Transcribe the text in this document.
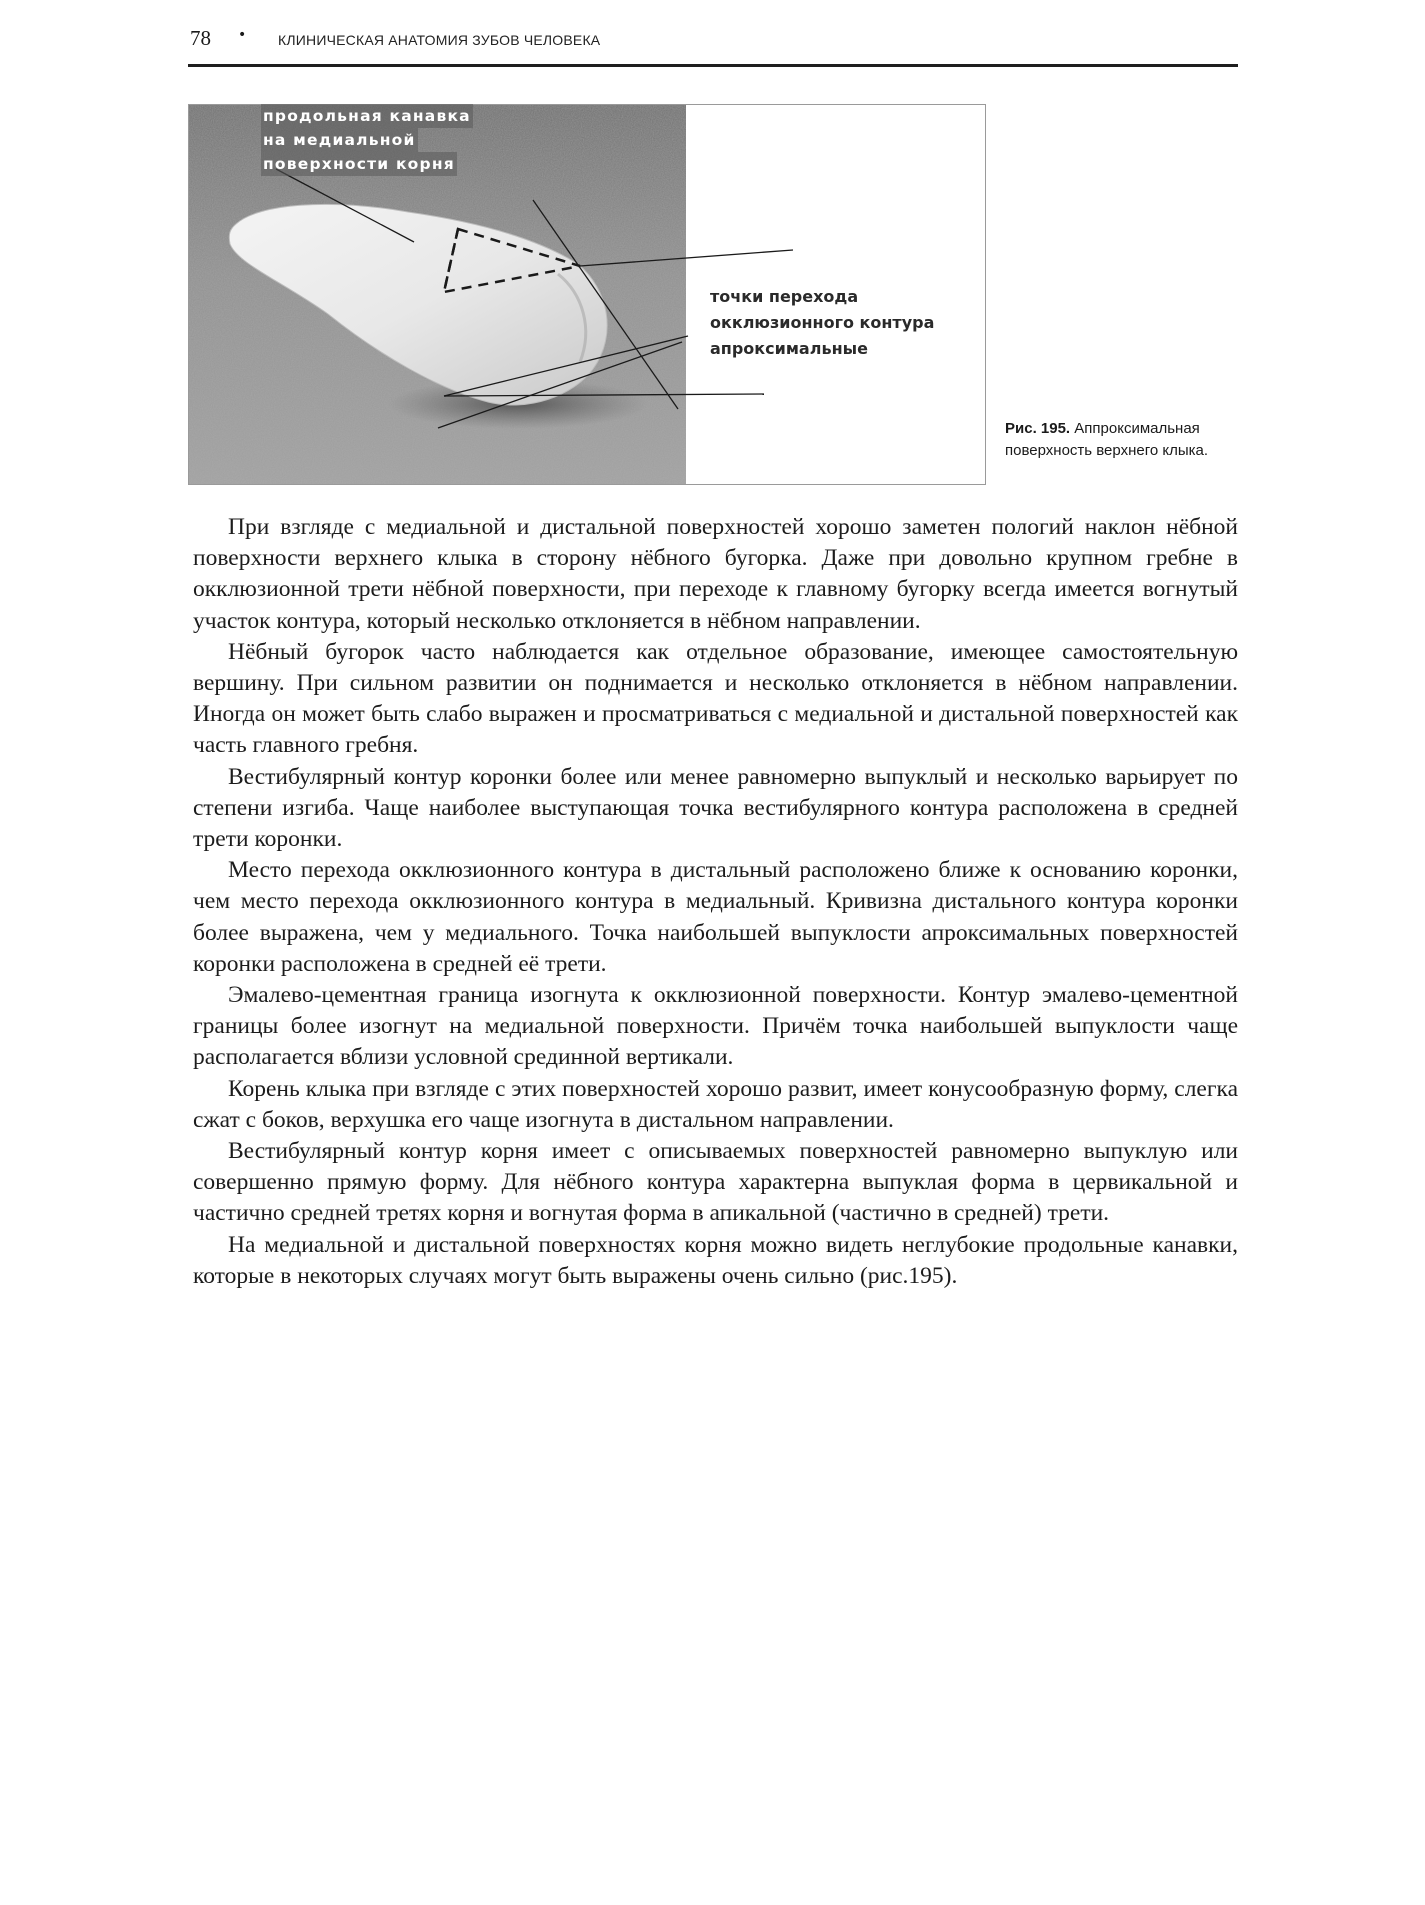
78 • КЛИНИЧЕСКАЯ АНАТОМИЯ ЗУБОВ ЧЕЛОВЕКА
продольная канавка
на медиальной
поверхности корня
точки перехода
окклюзионного контура
апроксимальные
Рис. 195. Аппроксимальная поверхность верхнего клыка.

При взгляде с медиальной и дистальной поверхностей хорошо заметен пологий наклон нёбной поверхности верхнего клыка в сторону нёбного бугорка. Даже при довольно крупном гребне в окклюзионной трети нёбной поверхности, при переходе к главному бугорку всегда имеется вогнутый участок контура, который несколько отклоняется в нёбном направлении.

Нёбный бугорок часто наблюдается как отдельное образование, имеющее самостоятельную вершину. При сильном развитии он поднимается и несколько отклоняется в нёбном направлении. Иногда он может быть слабо выражен и просматриваться с медиальной и дистальной поверхностей как часть главного гребня.

Вестибулярный контур коронки более или менее равномерно выпуклый и несколько варьирует по степени изгиба. Чаще наиболее выступающая точка вестибулярного контура расположена в средней трети коронки.

Место перехода окклюзионного контура в дистальный расположено ближе к основанию коронки, чем место перехода окклюзионного контура в медиальный. Кривизна дистального контура коронки более выражена, чем у медиального. Точка наибольшей выпуклости апроксимальных поверхностей коронки расположена в средней её трети.

Эмалево-цементная граница изогнута к окклюзионной поверхности. Контур эмалево-цементной границы более изогнут на медиальной поверхности. Причём точка наибольшей выпуклости чаще располагается вблизи условной срединной вертикали.

Корень клыка при взгляде с этих поверхностей хорошо развит, имеет конусообразную форму, слегка сжат с боков, верхушка его чаще изогнута в дистальном направлении.

Вестибулярный контур корня имеет с описываемых поверхностей равномерно выпуклую или совершенно прямую форму. Для нёбного контура характерна выпуклая форма в цервикальной и частично средней третях корня и вогнутая форма в апикальной (частично в средней) трети.

На медиальной и дистальной поверхностях корня можно видеть неглубокие продольные канавки, которые в некоторых случаях могут быть выражены очень сильно (рис.195).
